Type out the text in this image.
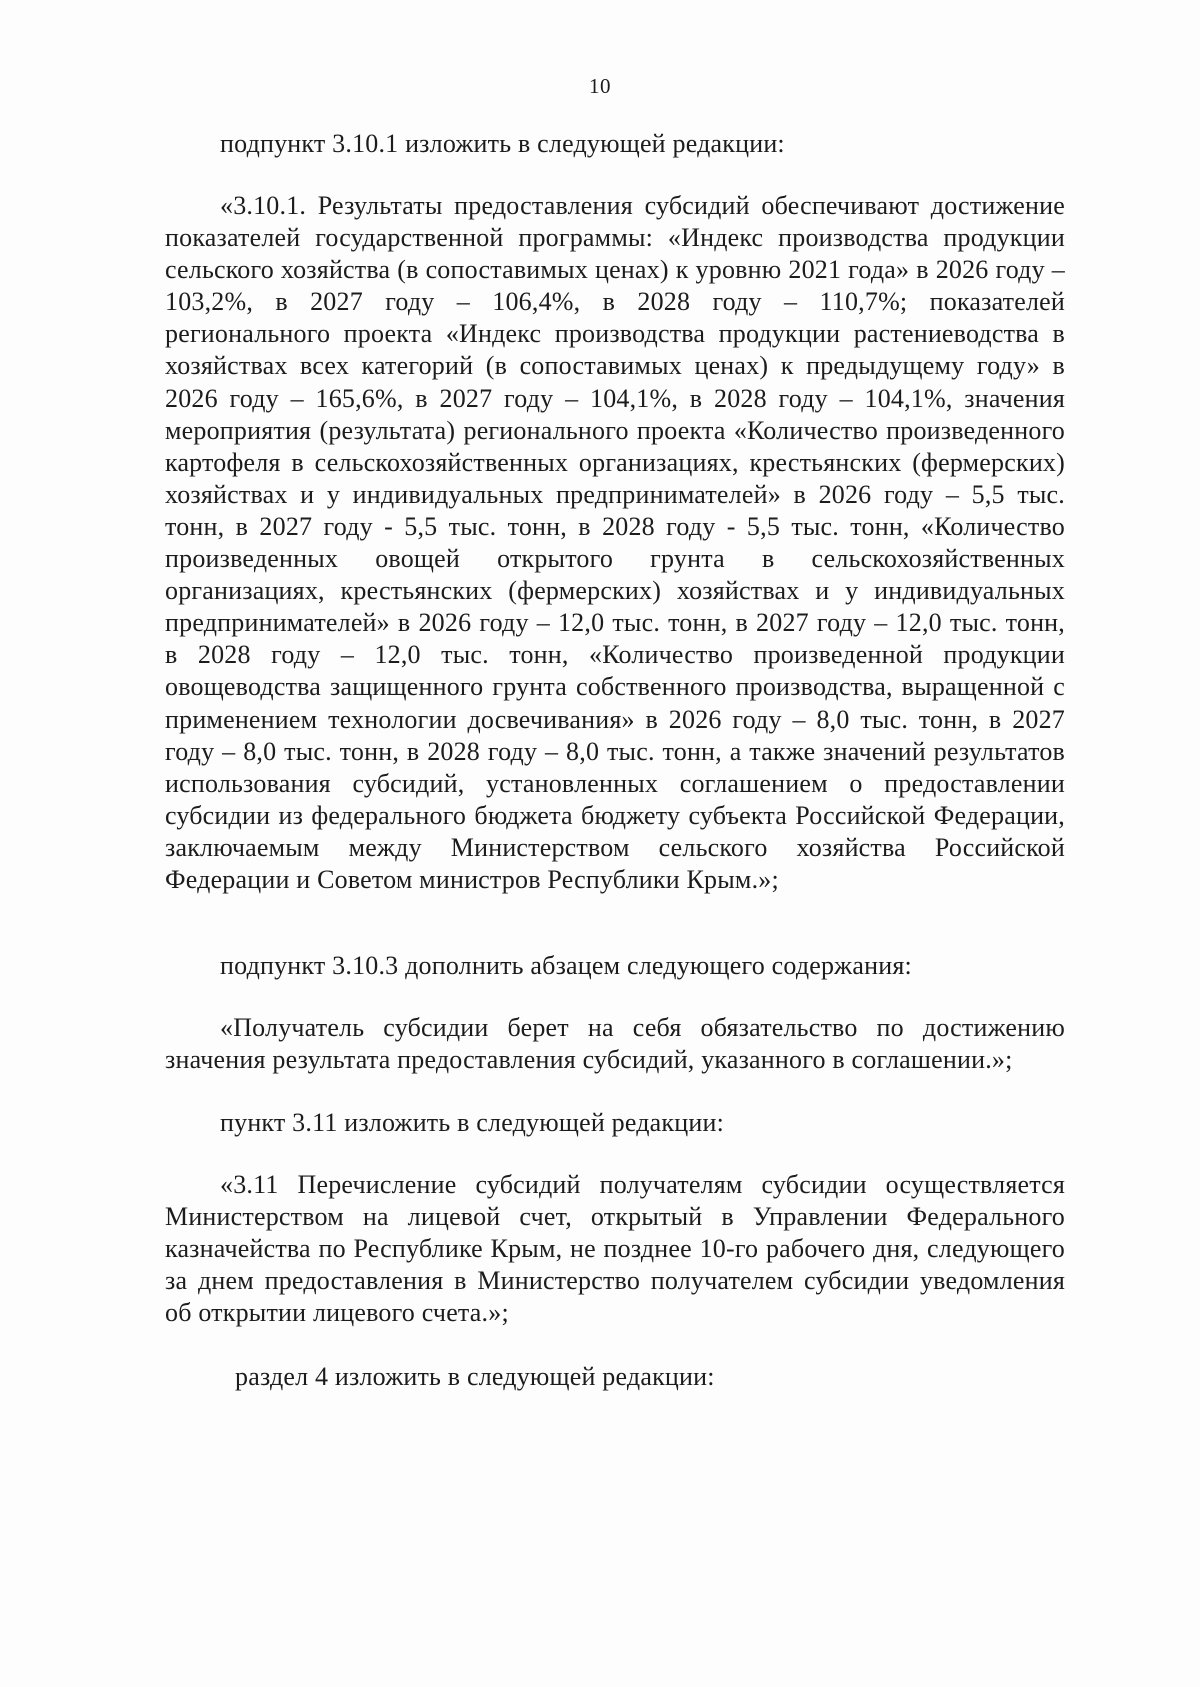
10

подпункт 3.10.1 изложить в следующей редакции:

«3.10.1. Результаты предоставления субсидий обеспечивают достижение показателей государственной программы: «Индекс производства продукции сельского хозяйства (в сопоставимых ценах) к уровню 2021 года» в 2026 году – 103,2%, в 2027 году – 106,4%, в 2028 году – 110,7%; показателей регионального проекта «Индекс производства продукции растениеводства в хозяйствах всех категорий (в сопоставимых ценах) к предыдущему году» в 2026 году – 165,6%, в 2027 году – 104,1%, в 2028 году – 104,1%, значения мероприятия (результата) регионального проекта «Количество произведенного картофеля в сельскохозяйственных организациях, крестьянских (фермерских) хозяйствах и у индивидуальных предпринимателей» в 2026 году – 5,5 тыс. тонн, в 2027 году - 5,5 тыс. тонн, в 2028 году - 5,5 тыс. тонн, «Количество произведенных овощей открытого грунта в сельскохозяйственных организациях, крестьянских (фермерских) хозяйствах и у индивидуальных предпринимателей» в 2026 году – 12,0 тыс. тонн, в 2027 году – 12,0 тыс. тонн, в 2028 году – 12,0 тыс. тонн, «Количество произведенной продукции овощеводства защищенного грунта собственного производства, выращенной с применением технологии досвечивания» в 2026 году – 8,0 тыс. тонн, в 2027 году – 8,0 тыс. тонн, в 2028 году – 8,0 тыс. тонн, а также значений результатов использования субсидий, установленных соглашением о предоставлении субсидии из федерального бюджета бюджету субъекта Российской Федерации, заключаемым между Министерством сельского хозяйства Российской Федерации и Советом министров Республики Крым.»;

подпункт 3.10.3 дополнить абзацем следующего содержания:

«Получатель субсидии берет на себя обязательство по достижению значения результата предоставления субсидий, указанного в соглашении.»;

пункт 3.11 изложить в следующей редакции:

«3.11 Перечисление субсидий получателям субсидии осуществляется Министерством на лицевой счет, открытый в Управлении Федерального казначейства по Республике Крым, не позднее 10-го рабочего дня, следующего за днем предоставления в Министерство получателем субсидии уведомления об открытии лицевого счета.»;

раздел 4 изложить в следующей редакции:
